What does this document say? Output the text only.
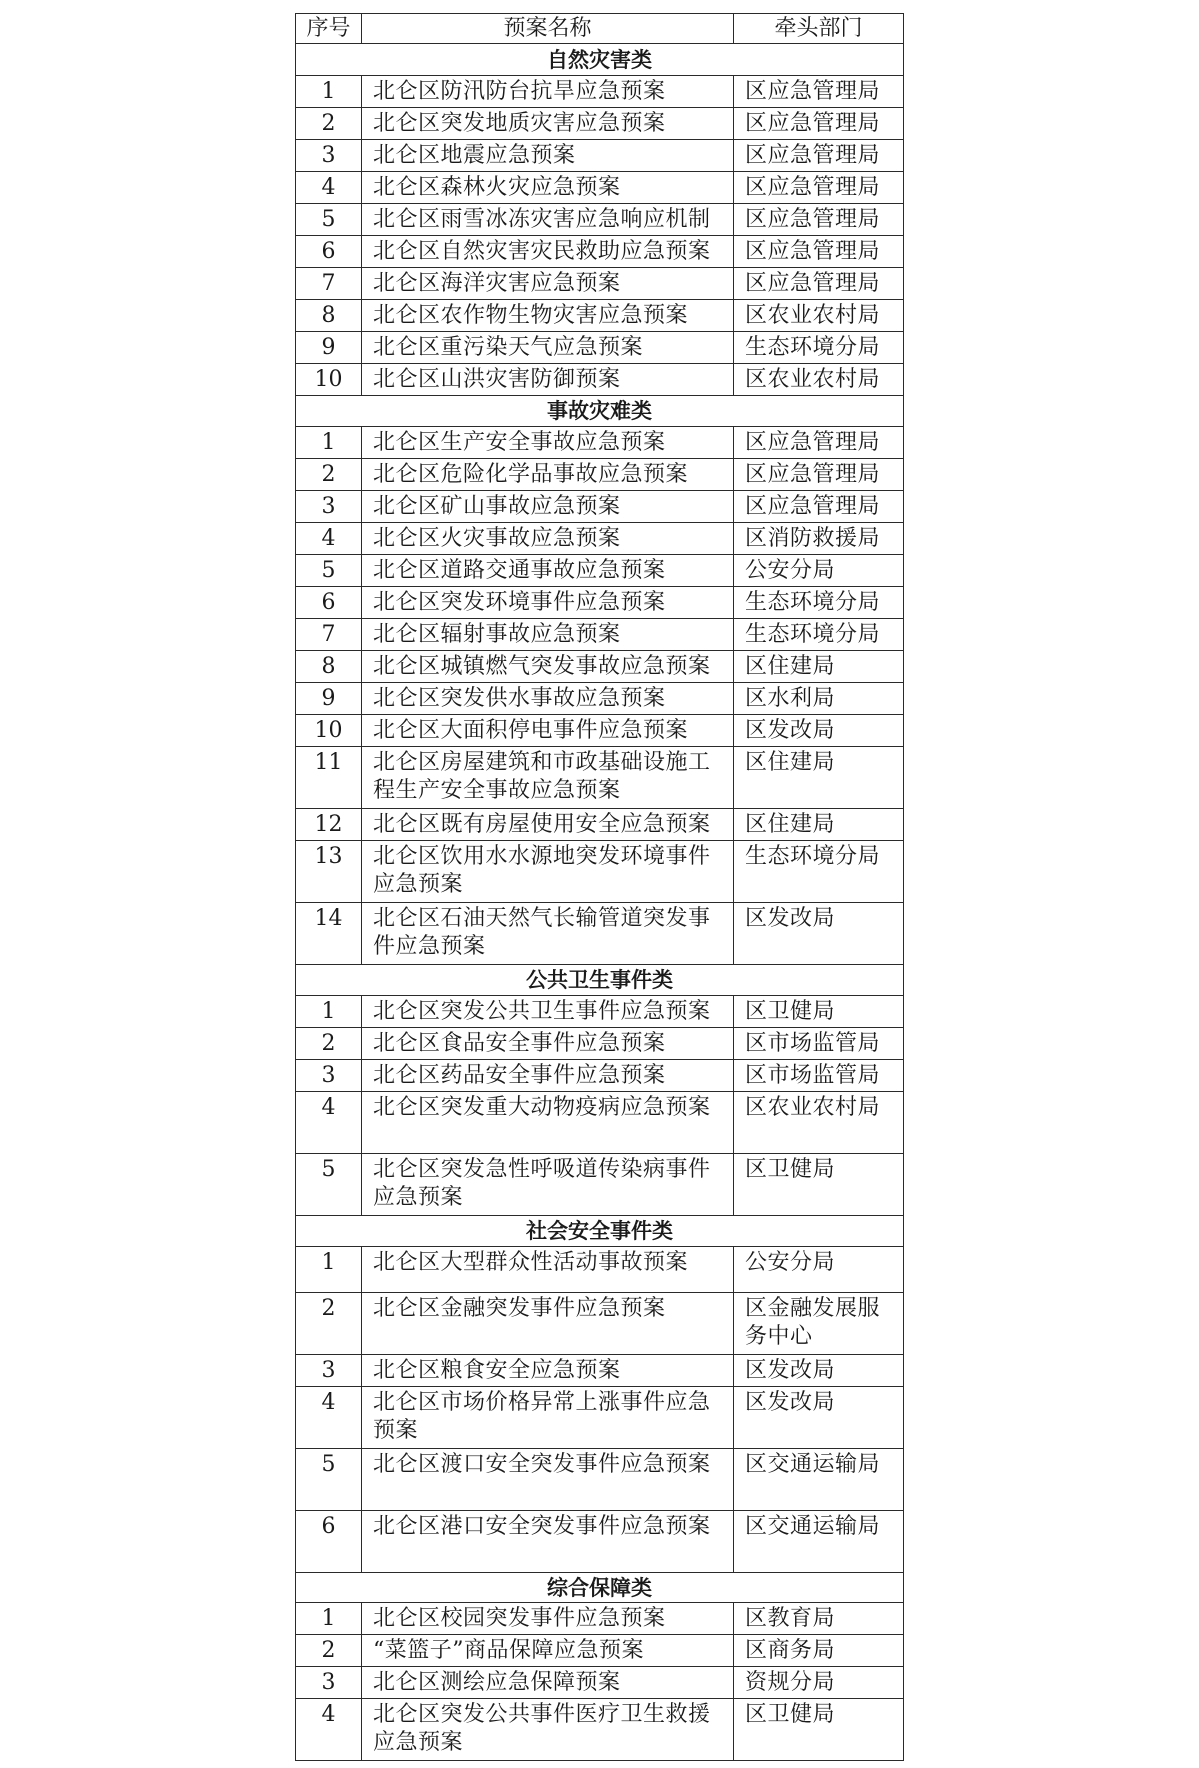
序号	预案名称	牵头部门
自然灾害类		
1	北仑区防汛防台抗旱应急预案	区应急管理局
2	北仑区突发地质灾害应急预案	区应急管理局
3	北仑区地震应急预案	区应急管理局
4	北仑区森林火灾应急预案	区应急管理局
5	北仑区雨雪冰冻灾害应急响应机制	区应急管理局
6	北仑区自然灾害灾民救助应急预案	区应急管理局
7	北仑区海洋灾害应急预案	区应急管理局
8	北仑区农作物生物灾害应急预案	区农业农村局
9	北仑区重污染天气应急预案	生态环境分局
10	北仑区山洪灾害防御预案	区农业农村局
事故灾难类		
1	北仑区生产安全事故应急预案	区应急管理局
2	北仑区危险化学品事故应急预案	区应急管理局
3	北仑区矿山事故应急预案	区应急管理局
4	北仑区火灾事故应急预案	区消防救援局
5	北仑区道路交通事故应急预案	公安分局
6	北仑区突发环境事件应急预案	生态环境分局
7	北仑区辐射事故应急预案	生态环境分局
8	北仑区城镇燃气突发事故应急预案	区住建局
9	北仑区突发供水事故应急预案	区水利局
10	北仑区大面积停电事件应急预案	区发改局
11	北仑区房屋建筑和市政基础设施工程生产安全事故应急预案	区住建局
12	北仑区既有房屋使用安全应急预案	区住建局
13	北仑区饮用水水源地突发环境事件应急预案	生态环境分局
14	北仑区石油天然气长输管道突发事件应急预案	区发改局
公共卫生事件类		
1	北仑区突发公共卫生事件应急预案	区卫健局
2	北仑区食品安全事件应急预案	区市场监管局
3	北仑区药品安全事件应急预案	区市场监管局
4	北仑区突发重大动物疫病应急预案	区农业农村局
5	北仑区突发急性呼吸道传染病事件应急预案	区卫健局
社会安全事件类		
1	北仑区大型群众性活动事故预案	公安分局
2	北仑区金融突发事件应急预案	区金融发展服务中心
3	北仑区粮食安全应急预案	区发改局
4	北仑区市场价格异常上涨事件应急预案	区发改局
5	北仑区渡口安全突发事件应急预案	区交通运输局
6	北仑区港口安全突发事件应急预案	区交通运输局
综合保障类		
1	北仑区校园突发事件应急预案	区教育局
2	“菜篮子”商品保障应急预案	区商务局
3	北仑区测绘应急保障预案	资规分局
4	北仑区突发公共事件医疗卫生救援应急预案	区卫健局
